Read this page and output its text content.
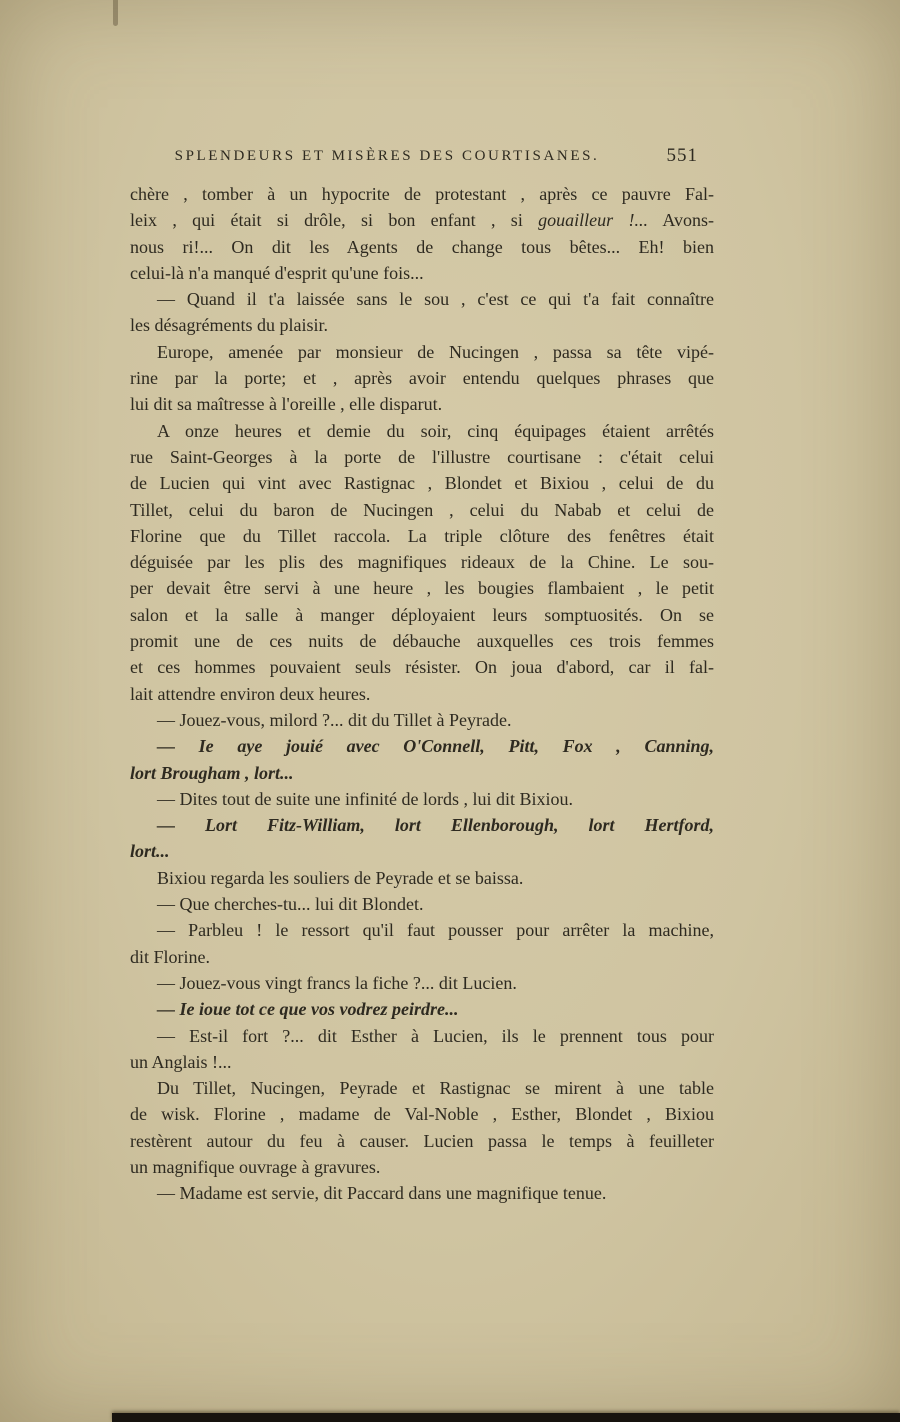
SPLENDEURS ET MISÈRES DES COURTISANES.	551
chère , tomber à un hypocrite de protestant , après ce pauvre Fal-
leix , qui était si drôle, si bon enfant , si gouailleur !... Avons-
nous ri!... On dit les Agents de change tous bêtes... Eh! bien
celui-là n'a manqué d'esprit qu'une fois...
— Quand il t'a laissée sans le sou , c'est ce qui t'a fait connaître
les désagréments du plaisir.
Europe, amenée par monsieur de Nucingen , passa sa tête vipé-
rine par la porte; et , après avoir entendu quelques phrases que
lui dit sa maîtresse à l'oreille , elle disparut.
A onze heures et demie du soir, cinq équipages étaient arrêtés
rue Saint-Georges à la porte de l'illustre courtisane : c'était celui
de Lucien qui vint avec Rastignac , Blondet et Bixiou , celui de du
Tillet, celui du baron de Nucingen , celui du Nabab et celui de
Florine que du Tillet raccola. La triple clôture des fenêtres était
déguisée par les plis des magnifiques rideaux de la Chine. Le sou-
per devait être servi à une heure , les bougies flambaient , le petit
salon et la salle à manger déployaient leurs somptuosités. On se
promit une de ces nuits de débauche auxquelles ces trois femmes
et ces hommes pouvaient seuls résister. On joua d'abord, car il fal-
lait attendre environ deux heures.
— Jouez-vous, milord ?... dit du Tillet à Peyrade.
— Ie aye jouié avec O'Connell, Pitt, Fox , Canning,
lort Brougham , lort...
— Dites tout de suite une infinité de lords , lui dit Bixiou.
— Lort Fitz-William, lort Ellenborough, lort Hertford,
lort...
Bixiou regarda les souliers de Peyrade et se baissa.
— Que cherches-tu... lui dit Blondet.
— Parbleu ! le ressort qu'il faut pousser pour arrêter la machine,
dit Florine.
— Jouez-vous vingt francs la fiche ?... dit Lucien.
— Ie ioue tot ce que vos vodrez peirdre...
— Est-il fort ?... dit Esther à Lucien, ils le prennent tous pour
un Anglais !...
Du Tillet, Nucingen, Peyrade et Rastignac se mirent à une table
de wisk. Florine , madame de Val-Noble , Esther, Blondet , Bixiou
restèrent autour du feu à causer. Lucien passa le temps à feuilleter
un magnifique ouvrage à gravures.
— Madame est servie, dit Paccard dans une magnifique tenue.
